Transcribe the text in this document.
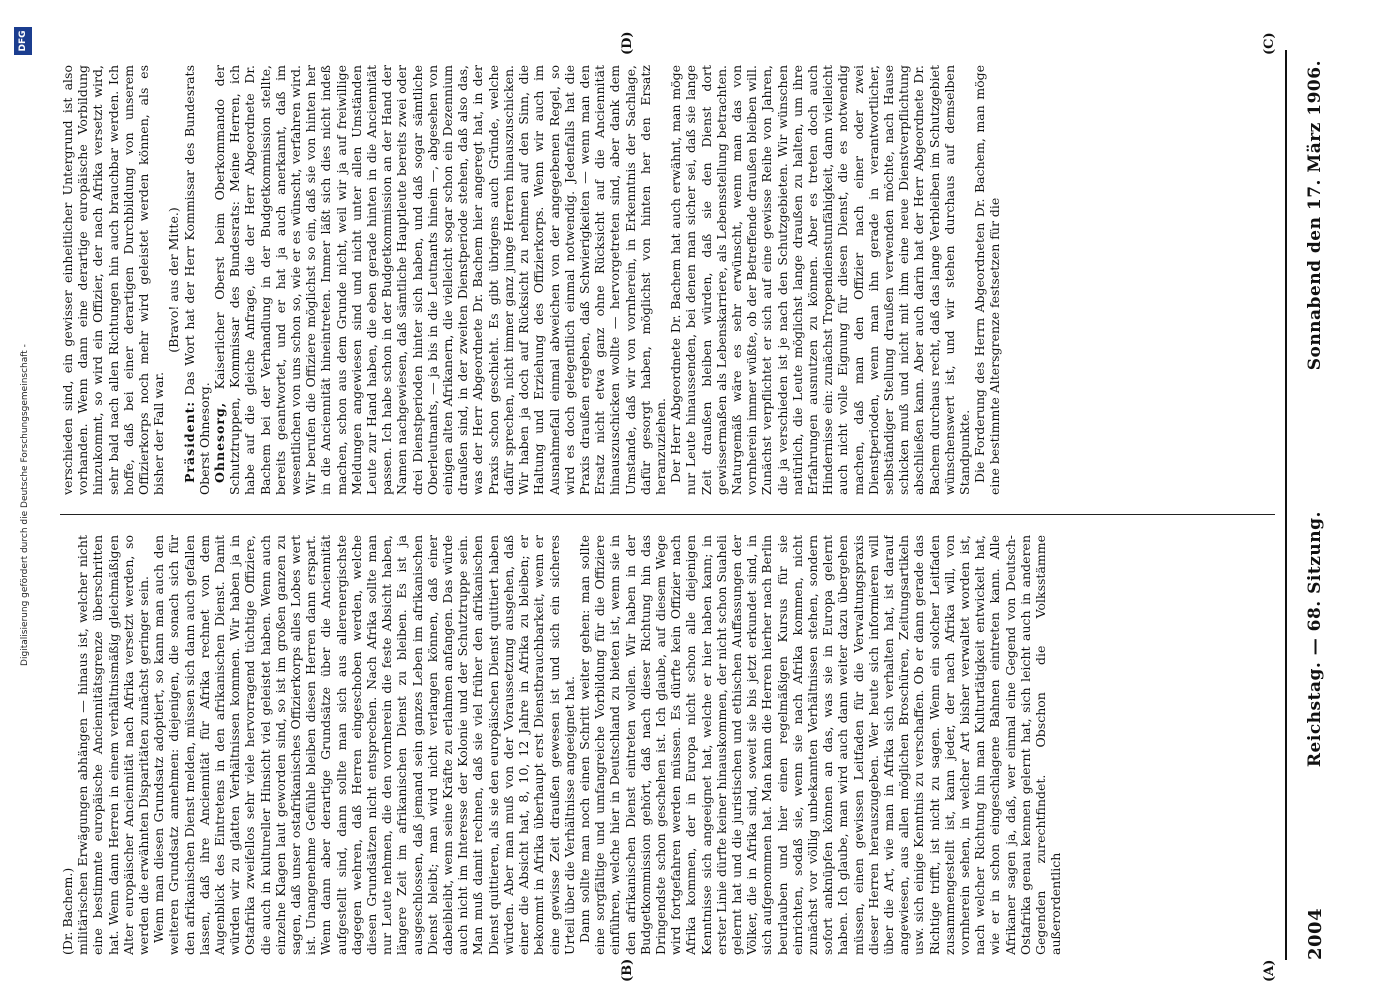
2004
Reichstag. — 68. Sitzung.
Sonnabend den 17. März 1906.
(A)
(B)
(C)
(D)

(Dr. Bachem.) militärischen Erwägungen abhängen — hinaus ist, welcher nicht eine bestimmte europäische Anciennitätsgrenze überschritten hat. Wenn dann Herren in einem verhältnismäßig gleichmäßigen Alter europäischer Anciennität nach Afrika versetzt werden, so werden die erwähnten Disparitäten zunächst geringer sein. Wenn man diesen Grundsatz adoptiert, so kann man auch den weiteren Grundsatz annehmen: diejenigen, die sonach sich für den afrikanischen Dienst melden, müssen sich dann auch gefallen lassen, daß ihre Anciennität für Afrika rechnet von dem Augenblick des Eintretens in den afrikanischen Dienst. Damit würden wir zu glatten Verhältnissen kommen. Wir haben ja in Ostafrika zweifellos sehr viele hervorragend tüchtige Offiziere, die auch in kultureller Hinsicht viel geleistet haben. Wenn auch einzelne Klagen laut geworden sind, so ist im großen ganzen zu sagen, daß unser ostafrikanisches Offizierkorps alles Lobes wert ist. Unangenehme Gefühle bleiben diesen Herren dann erspart. Wenn dann aber derartige Grundsätze über die Anciennität aufgestellt sind, dann sollte man sich aus allerenergischste dagegen wehren, daß Herren eingeschoben werden, welche diesen Grundsätzen nicht entsprechen. Nach Afrika sollte man nur Leute nehmen, die den vornherein die feste Absicht haben, längere Zeit im afrikanischen Dienst zu bleiben. Es ist ja ausgeschlossen, daß jemand sein ganzes Leben im afrikanischen Dienst bleibt; man wird nicht verlangen können, daß einer dabeibleibt, wenn seine Kräfte zu erlahmen anfangen. Das würde auch nicht im Interesse der Kolonie und der Schutztruppe sein. Man muß damit rechnen, daß sie viel früher den afrikanischen Dienst quittieren, als sie den europäischen Dienst quittiert haben würden. Aber man muß von der Voraussetzung ausgehen, daß einer die Absicht hat, 8, 10, 12 Jahre in Afrika zu bleiben; er bekommt in Afrika überhaupt erst Dienstbrauchbarkeit, wenn er eine gewisse Zeit draußen gewesen ist und sich ein sicheres Urteil über die Verhältnisse angeeignet hat. Dann sollte man noch einen Schritt weiter gehen: man sollte eine sorgfältige und umfangreiche Vorbildung für die Offiziere einführen, welche hier in Deutschland zu bieten ist, wenn sie in den afrikanischen Dienst eintreten wollen. Wir haben in der Budgetkommission gehört, daß nach dieser Richtung hin das Dringendste schon geschehen ist. Ich glaube, auf diesem Wege wird fortgefahren werden müssen. Es dürfte kein Offizier nach Afrika kommen, der in Europa nicht schon alle diejenigen Kenntnisse sich angeeignet hat, welche er hier haben kann; in erster Linie dürfte keiner hinauskommen, der nicht schon Suaheli gelernt hat und die juristischen und ethischen Auffassungen der Völker, die in Afrika sind, soweit sie bis jetzt erkundet sind, in sich aufgenommen hat. Man kann die Herren hierher nach Berlin beurlauben und hier einen regelmäßigen Kursus für sie einrichten, sodaß sie, wenn sie nach Afrika kommen, nicht zunächst vor völlig unbekannten Verhältnissen stehen, sondern sofort anknüpfen können an das, was sie in Europa gelernt haben. Ich glaube, man wird auch dann weiter dazu übergehen müssen, einen gewissen Leitfaden für die Verwaltungspraxis dieser Herren herauszugeben. Wer heute sich informieren will über die Art, wie man in Afrika sich verhalten hat, ist darauf angewiesen, aus allen möglichen Broschüren, Zeitungsartikeln usw. sich einige Kenntnis zu verschaffen. Ob er dann gerade das Richtige trifft, ist nicht zu sagen. Wenn ein solcher Leitfaden zusammengestellt ist, kann jeder, der nach Afrika will, von vornherein sehen, in welcher Art bisher verwaltet worden ist, nach welcher Richtung hin man Kulturtätigkeit entwickelt hat, wie er in schon eingeschlagene Bahnen eintreten kann. Alle Afrikaner sagen ja, daß, wer einmal eine Gegend von Deutsch-Ostafrika genau kennen gelernt hat, sich leicht auch in anderen Gegenden zurechtfindet. Obschon die Volksstämme außerordentlich

verschieden sind, ein gewisser einheitlicher Untergrund ist also vorhanden. Wenn dann eine derartige europäische Vorbildung hinzukommt, so wird ein Offizier, der nach Afrika versetzt wird, sehr bald nach allen Richtungen hin auch brauchbar werden. Ich hoffe, daß bei einer derartigen Durchbildung von unserem Offizierkorps noch mehr wird geleistet werden können, als es bisher der Fall war.

(Bravo! aus der Mitte.)

Präsident: Das Wort hat der Herr Kommissar des Bundesrats Oberst Ohnesorg. Ohnesorg, Kaiserlicher Oberst beim Oberkommando der Schutztruppen, Kommissar des Bundesrats: Meine Herren, ich habe auf die gleiche Anfrage, die der Herr Abgeordnete Dr. Bachem bei der Verhandlung in der Budgetkommission stellte, bereits geantwortet, und er hat ja auch anerkannt, daß im wesentlichen von uns schon so, wie er es wünscht, verfahren wird. Wir berufen die Offiziere möglichst so ein, daß sie von hinten her in die Anciennität hineintreten. Immer läßt sich dies nicht indeß machen, schon aus dem Grunde nicht, weil wir ja auf freiwillige Meldungen angewiesen sind und nicht unter allen Umständen Leute zur Hand haben, die eben gerade hinten in die Anciennität passen. Ich habe schon in der Budgetkommission an der Hand der Namen nachgewiesen, daß sämtliche Hauptleute bereits zwei oder drei Dienstperioden hinter sich haben, und daß sogar sämtliche Oberleutnants, — ja bis in die Leutnants hinein —, abgesehen von einigen alten Afrikanern, die vielleicht sogar schon ein Dezennium draußen sind, in der zweiten Dienstperiode stehen, daß also das, was der Herr Abgeordnete Dr. Bachem hier angeregt hat, in der Praxis schon geschieht. Es gibt übrigens auch Gründe, welche dafür sprechen, nicht immer ganz junge Herren hinauszuschicken. Wir haben ja doch auf Rücksicht zu nehmen auf den Sinn, die Haltung und Erziehung des Offizierkorps. Wenn wir auch im Ausnahmefall einmal abweichen von der angegebenen Regel, so wird es doch gelegentlich einmal notwendig. Jedenfalls hat die Praxis draußen ergeben, daß Schwierigkeiten — wenn man den Ersatz nicht etwa ganz ohne Rücksicht auf die Anciennität hinauszuschicken wollte — hervorgetreten sind, aber dank dem Umstande, daß wir von vornherein, in Erkenntnis der Sachlage, dafür gesorgt haben, möglichst von hinten her den Ersatz heranzuziehen. Der Herr Abgeordnete Dr. Bachem hat auch erwähnt, man möge nur Leute hinaussenden, bei denen man sicher sei, daß sie lange Zeit draußen bleiben würden, daß sie den Dienst dort gewissermaßen als Lebenskarriere, als Lebensstellung betrachten. Naturgemäß wäre es sehr erwünscht, wenn man das von vornherein immer wüßte, ob der Betreffende draußen bleiben will. Zunächst verpflichtet er sich auf eine gewisse Reihe von Jahren, die ja verschieden ist je nach den Schutzgebieten. Wir wünschen natürlich, die Leute möglichst lange draußen zu halten, um ihre Erfahrungen ausnutzen zu können. Aber es treten doch auch Hindernisse ein: zunächst Tropendienstunfähigkeit, dann vielleicht auch nicht volle Eignung für diesen Dienst, die es notwendig machen, daß man den Offizier nach einer oder zwei Dienstperioden, wenn man ihn gerade in verantwortlicher, selbständiger Stellung draußen verwenden möchte, nach Hause schicken muß und nicht mit ihm eine neue Dienstverpflichtung abschließen kann. Aber auch darin hat der Herr Abgeordnete Dr. Bachem durchaus recht, daß das lange Verbleiben im Schutzgebiet wünschenswert ist, und wir stehen durchaus auf demselben Standpunkte. Die Forderung des Herrn Abgeordneten Dr. Bachem, man möge eine bestimmte Altersgrenze festsetzen für die

Digitalisierung gefördert durch die Deutsche Forschungsgemeinschaft -
DFG
